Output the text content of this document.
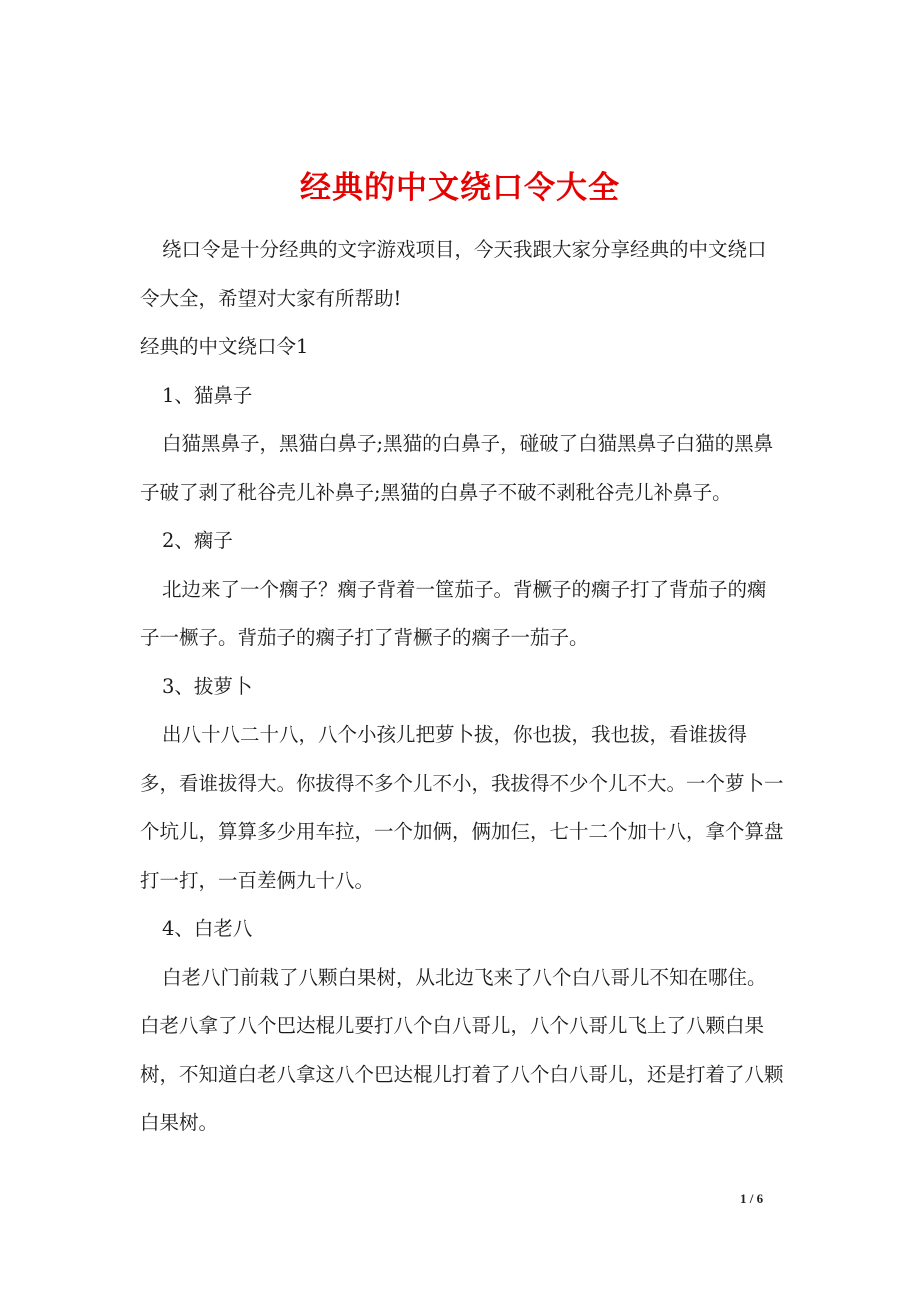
经典的中文绕口令大全

绕口令是十分经典的文字游戏项目，今天我跟大家分享经典的中文绕口令大全，希望对大家有所帮助!

经典的中文绕口令1

1、猫鼻子

白猫黑鼻子，黑猫白鼻子;黑猫的白鼻子，碰破了白猫黑鼻子白猫的黑鼻子破了剥了秕谷壳儿补鼻子;黑猫的白鼻子不破不剥秕谷壳儿补鼻子。

2、瘸子

北边来了一个瘸子？瘸子背着一筐茄子。背橛子的瘸子打了背茄子的瘸子一橛子。背茄子的瘸子打了背橛子的瘸子一茄子。

3、拔萝卜

出八十八二十八，八个小孩儿把萝卜拔，你也拔，我也拔，看谁拔得多，看谁拔得大。你拔得不多个儿不小，我拔得不少个儿不大。一个萝卜一个坑儿，算算多少用车拉，一个加俩，俩加仨，七十二个加十八，拿个算盘打一打，一百差俩九十八。

4、白老八

白老八门前栽了八颗白果树，从北边飞来了八个白八哥儿不知在哪住。白老八拿了八个巴达棍儿要打八个白八哥儿，八个八哥儿飞上了八颗白果树，不知道白老八拿这八个巴达棍儿打着了八个白八哥儿，还是打着了八颗白果树。

1 / 6
